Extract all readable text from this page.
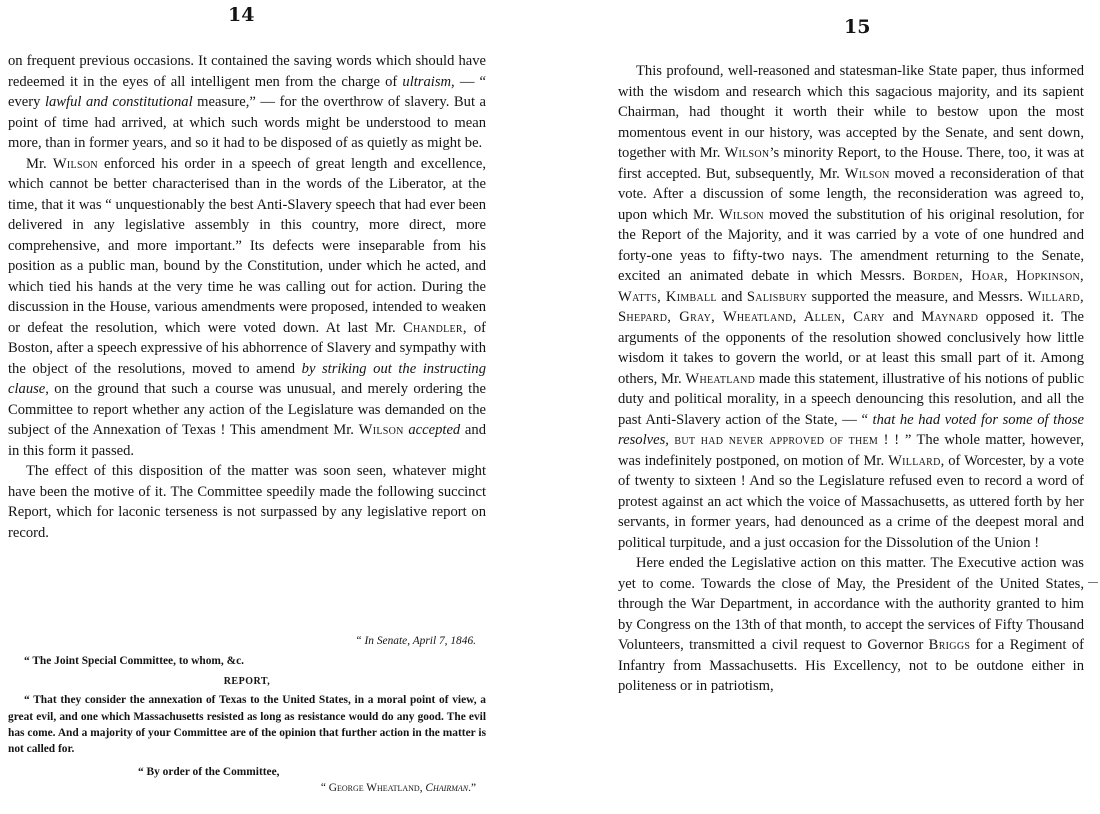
14

on frequent previous occasions. It contained the saving words which should have redeemed it in the eyes of all intelligent men from the charge of ultraism, — “ every lawful and constitutional measure,” — for the overthrow of slavery. But a point of time had arrived, at which such words might be understood to mean more, than in former years, and so it had to be disposed of as quietly as might be.

Mr. Wilson enforced his order in a speech of great length and excellence, which cannot be better characterised than in the words of the Liberator, at the time, that it was “ unquestionably the best Anti-Slavery speech that had ever been delivered in any legislative assembly in this country, more direct, more comprehensive, and more important.” Its defects were inseparable from his position as a public man, bound by the Constitution, under which he acted, and which tied his hands at the very time he was calling out for action. During the discussion in the House, various amendments were proposed, intended to weaken or defeat the resolution, which were voted down. At last Mr. Chandler, of Boston, after a speech expressive of his abhorrence of Slavery and sympathy with the object of the resolutions, moved to amend by striking out the instructing clause, on the ground that such a course was unusual, and merely ordering the Committee to report whether any action of the Legislature was demanded on the subject of the Annexation of Texas ! This amendment Mr. Wilson accepted and in this form it passed.

The effect of this disposition of the matter was soon seen, whatever might have been the motive of it. The Committee speedily made the following succinct Report, which for laconic terseness is not surpassed by any legislative report on record.

“ In Senate, April 7, 1846.

“ The Joint Special Committee, to whom, &c.

REPORT,

“ That they consider the annexation of Texas to the United States, in a moral point of view, a great evil, and one which Massachusetts resisted as long as resistance would do any good. The evil has come. And a majority of your Committee are of the opinion that further action in the matter is not called for.

“ By order of the Committee,

“ George Wheatland, Chairman.”

15

This profound, well-reasoned and statesman-like State paper, thus informed with the wisdom and research which this sagacious majority, and its sapient Chairman, had thought it worth their while to bestow upon the most momentous event in our history, was accepted by the Senate, and sent down, together with Mr. Wilson’s minority Report, to the House. There, too, it was at first accepted. But, subsequently, Mr. Wilson moved a reconsideration of that vote. After a discussion of some length, the reconsideration was agreed to, upon which Mr. Wilson moved the substitution of his original resolution, for the Report of the Majority, and it was carried by a vote of one hundred and forty-one yeas to fifty-two nays. The amendment returning to the Senate, excited an animated debate in which Messrs. Borden, Hoar, Hopkinson, Watts, Kimball and Salisbury supported the measure, and Messrs. Willard, Shepard, Gray, Wheatland, Allen, Cary and Maynard opposed it. The arguments of the opponents of the resolution showed conclusively how little wisdom it takes to govern the world, or at least this small part of it. Among others, Mr. Wheatland made this statement, illustrative of his notions of public duty and political morality, in a speech denouncing this resolution, and all the past Anti-Slavery action of the State, — “ that he had voted for some of those resolves, but had never approved of them ! ! ” The whole matter, however, was indefinitely postponed, on motion of Mr. Willard, of Worcester, by a vote of twenty to sixteen ! And so the Legislature refused even to record a word of protest against an act which the voice of Massachusetts, as uttered forth by her servants, in former years, had denounced as a crime of the deepest moral and political turpitude, and a just occasion for the Dissolution of the Union !

Here ended the Legislative action on this matter. The Executive action was yet to come. Towards the close of May, the President of the United States, through the War Department, in accordance with the authority granted to him by Congress on the 13th of that month, to accept the services of Fifty Thousand Volunteers, transmitted a civil request to Governor Briggs for a Regiment of Infantry from Massachusetts. His Excellency, not to be outdone either in politeness or in patriotism,
